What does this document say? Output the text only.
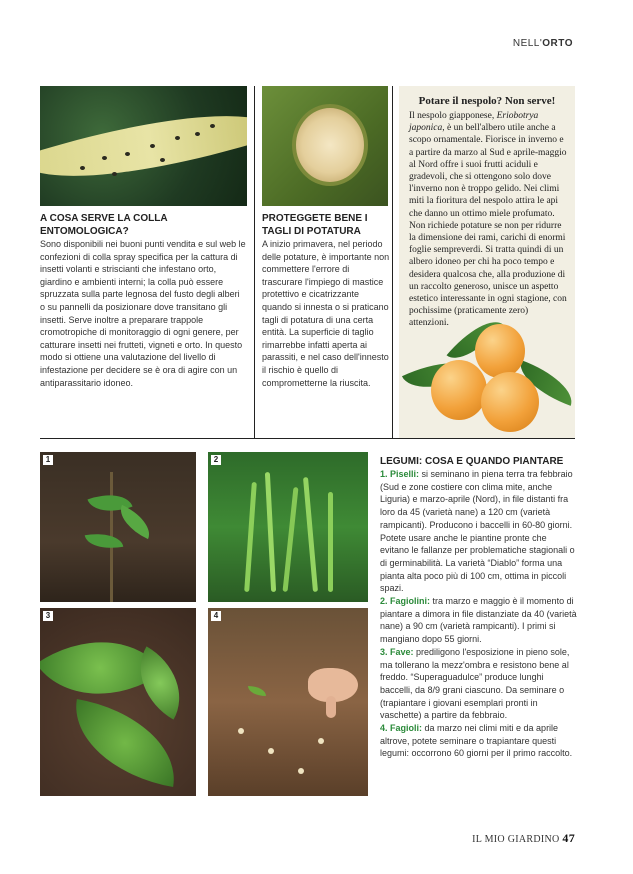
NELL'ORTO
A COSA SERVE LA COLLA ENTOMOLOGICA?
Sono disponibili nei buoni punti vendita e sul web le confezioni di colla spray specifica per la cattura di insetti volanti e striscianti che infestano orto, giardino e ambienti interni; la colla può essere spruzzata sulla parte legnosa del fusto degli alberi o su pannelli da posizionare dove transitano gli insetti. Serve inoltre a preparare trappole cromotropiche di monitoraggio di ogni genere, per catturare insetti nei frutteti, vigneti e orto. In questo modo si ottiene una valutazione del livello di infestazione per decidere se è ora di agire con un antiparassitario idoneo.
PROTEGGETE BENE I TAGLI DI POTATURA
A inizio primavera, nel periodo delle potature, è importante non commettere l'errore di trascurare l'impiego di mastice protettivo e cicatrizzante quando si innesta o si praticano tagli di potatura di una certa entità. La superficie di taglio rimarrebbe infatti aperta ai parassiti, e nel caso dell'innesto il rischio è quello di comprometterne la riuscita.
Potare il nespolo? Non serve!
Il nespolo giapponese, Eriobotrya japonica, è un bell'albero utile anche a scopo ornamentale. Fiorisce in inverno e a partire da marzo al Sud e aprile-maggio al Nord offre i suoi frutti aciduli e gradevoli, che si ottengono solo dove l'inverno non è troppo gelido. Nei climi miti la fioritura del nespolo attira le api che danno un ottimo miele profumato. Non richiede potature se non per ridurre la dimensione dei rami, carichi di enormi foglie sempreverdi. Si tratta quindi di un albero idoneo per chi ha poco tempo e desidera qualcosa che, alla produzione di un raccolto generoso, unisce un aspetto estetico interessante in ogni stagione, con pochissime (praticamente zero) attenzioni.
1	2
3	4
LEGUMI: COSA E QUANDO PIANTARE
1. Piselli: si seminano in piena terra tra febbraio (Sud e zone costiere con clima mite, anche Liguria) e marzo-aprile (Nord), in file distanti fra loro da 45 (varietà nane) a 120 cm (varietà rampicanti). Producono i baccelli in 60-80 giorni. Potete usare anche le piantine pronte che evitano le fallanze per problematiche stagionali o di germinabilità. La varietà “Diablo” forma una pianta alta poco più di 100 cm, ottima in piccoli spazi.
2. Fagiolini: tra marzo e maggio è il momento di piantare a dimora in file distanziate da 40 (varietà nane) a 90 cm (varietà rampicanti). I primi si mangiano dopo 55 giorni.
3. Fave: prediligono l'esposizione in pieno sole, ma tollerano la mezz'ombra e resistono bene al freddo. “Superaguadulce” produce lunghi baccelli, da 8/9 grani ciascuno. Da seminare o (trapiantare i giovani esemplari pronti in vaschette) a partire da febbraio.
4. Fagioli: da marzo nei climi miti e da aprile altrove, potete seminare o trapiantare questi legumi: occorrono 60 giorni per il primo raccolto.
IL MIO GIARDINO 47
